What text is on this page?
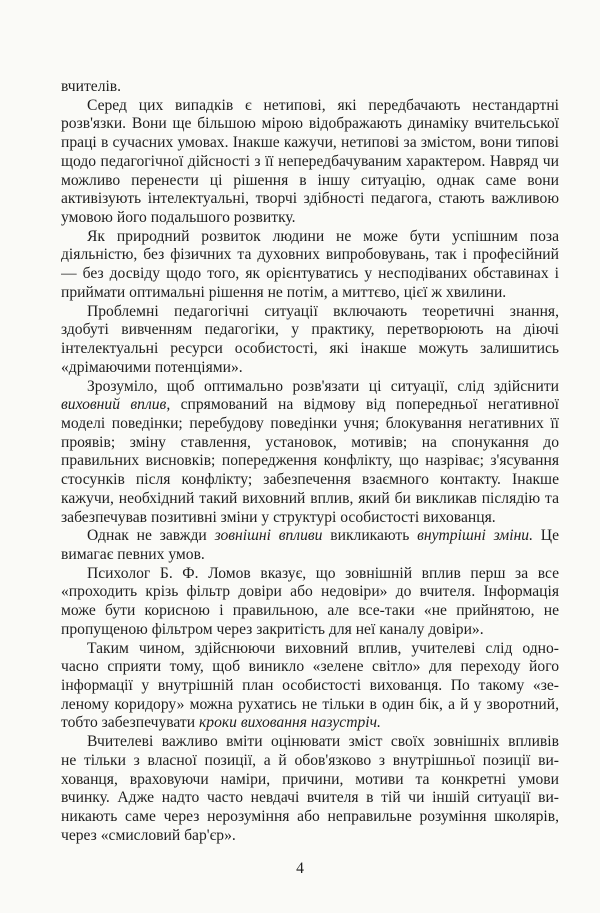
вчителів.
Серед цих випадків є нетипові, які передбачають нестандартні
розв'язки. Вони ще більшою мірою відображають динаміку вчительської
праці в сучасних умовах. Інакше кажучи, нетипові за змістом, вони типові
щодо педагогічної дійсності з її непередбачуваним характером. Навряд чи
можливо перенести ці рішення в іншу ситуацію, однак саме вони
активізують інтелектуальні, творчі здібності педагога, стають важливою
умовою його подальшого розвитку.
Як природний розвиток людини не може бути успішним поза
діяльністю, без фізичних та духовних випробовувань, так і професійний
— без досвіду щодо того, як орієнтуватись у несподіваних обставинах і
приймати оптимальні рішення не потім, а миттєво, цієї ж хвилини.
Проблемні педагогічні ситуації включають теоретичні знання,
здобуті вивченням педагогіки, у практику, перетворюють на діючі
інтелектуальні ресурси особистості, які інакше можуть залишитись
«дрімаючими потенціями».
Зрозуміло, щоб оптимально розв'язати ці ситуації, слід здійснити
виховний вплив, спрямований на відмову від попередньої негативної
моделі поведінки; перебудову поведінки учня; блокування негативних її
проявів; зміну ставлення, установок, мотивів; на спонукання до
правильних висновків; попередження конфлікту, що назріває; з'ясування
стосунків після конфлікту; забезпечення взаємного контакту. Інакше
кажучи, необхідний такий виховний вплив, який би викликав післядію та
забезпечував позитивні зміни у структурі особистості вихованця.
Однак не завжди зовнішні впливи викликають внутрішні зміни. Це
вимагає певних умов.
Психолог Б. Ф. Ломов вказує, що зовнішній вплив перш за все
«проходить крізь фільтр довіри або недовіри» до вчителя. Інформація
може бути корисною і правильною, але все-таки «не прийнятою, не
пропущеною фільтром через закритість для неї каналу довіри».
Таким чином, здійснюючи виховний вплив, учителеві слід одно-
часно сприяти тому, щоб виникло «зелене світло» для переходу його
інформації у внутрішній план особистості вихованця. По такому «зе-
леному коридору» можна рухатись не тільки в один бік, а й у зворотний,
тобто забезпечувати кроки виховання назустріч.
Вчителеві важливо вміти оцінювати зміст своїх зовнішніх впливів
не тільки з власної позиції, а й обов'язково з внутрішньої позиції ви-
хованця, враховуючи наміри, причини, мотиви та конкретні умови
вчинку. Адже надто часто невдачі вчителя в тій чи іншій ситуації ви-
никають саме через нерозуміння або неправильне розуміння школярів,
через «смисловий бар'єр».
4
